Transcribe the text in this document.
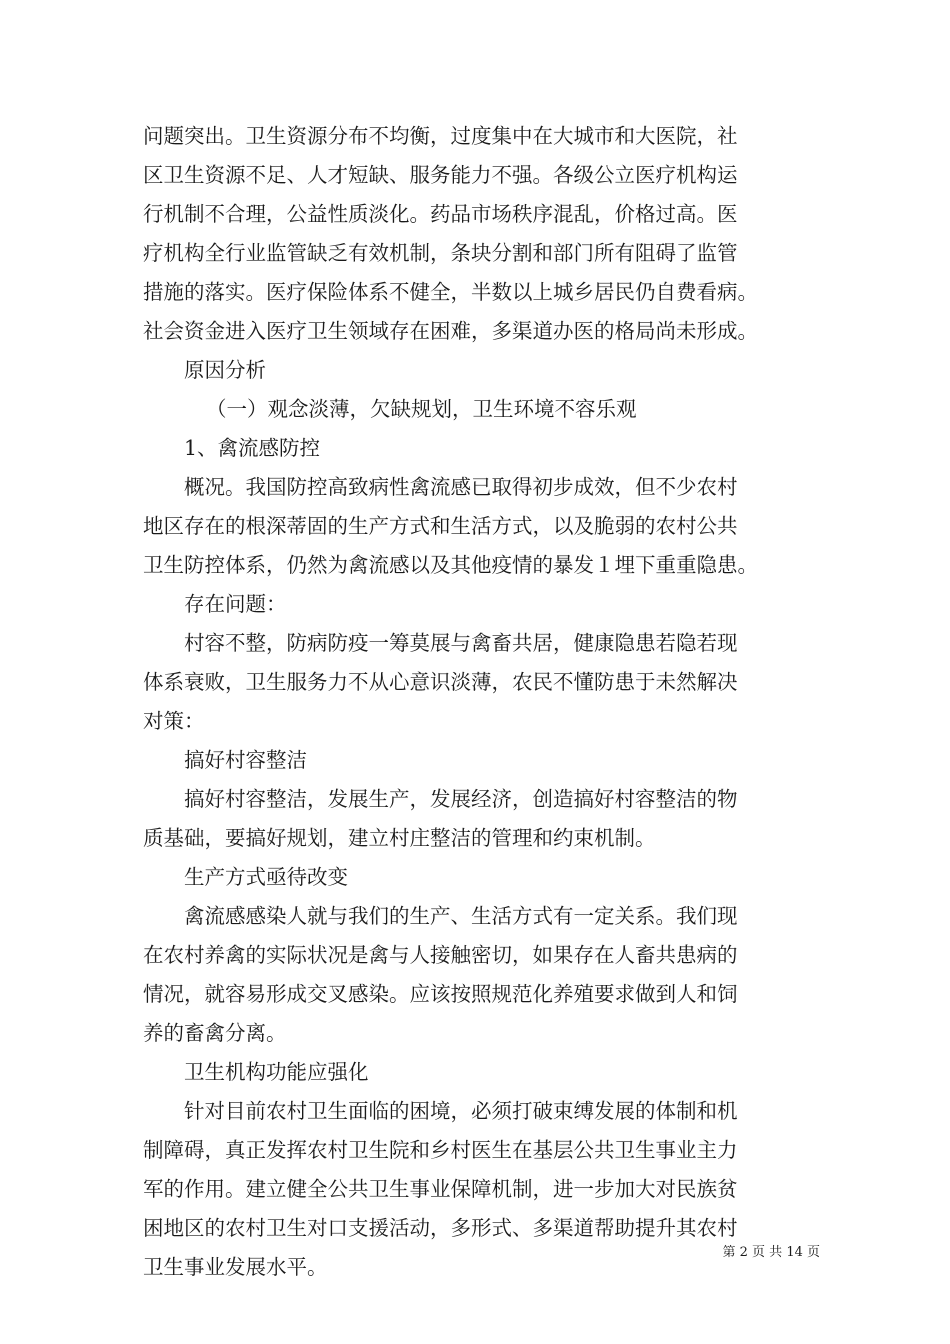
问题突出。卫生资源分布不均衡，过度集中在大城市和大医院，社
区卫生资源不足、人才短缺、服务能力不强。各级公立医疗机构运
行机制不合理，公益性质淡化。药品市场秩序混乱，价格过高。医
疗机构全行业监管缺乏有效机制，条块分割和部门所有阻碍了监管
措施的落实。医疗保险体系不健全，半数以上城乡居民仍自费看病。
社会资金进入医疗卫生领域存在困难，多渠道办医的格局尚未形成。
原因分析
（一）观念淡薄，欠缺规划，卫生环境不容乐观
1、禽流感防控
概况。我国防控高致病性禽流感已取得初步成效，但不少农村
地区存在的根深蒂固的生产方式和生活方式，以及脆弱的农村公共
卫生防控体系，仍然为禽流感以及其他疫情的暴发１埋下重重隐患。
存在问题：
村容不整，防病防疫一筹莫展与禽畜共居，健康隐患若隐若现
体系衰败，卫生服务力不从心意识淡薄，农民不懂防患于未然解决
对策：
搞好村容整洁
搞好村容整洁，发展生产，发展经济，创造搞好村容整洁的物
质基础，要搞好规划，建立村庄整洁的管理和约束机制。
生产方式亟待改变
禽流感感染人就与我们的生产、生活方式有一定关系。我们现
在农村养禽的实际状况是禽与人接触密切，如果存在人畜共患病的
情况，就容易形成交叉感染。应该按照规范化养殖要求做到人和饲
养的畜禽分离。
卫生机构功能应强化
针对目前农村卫生面临的困境，必须打破束缚发展的体制和机
制障碍，真正发挥农村卫生院和乡村医生在基层公共卫生事业主力
军的作用。建立健全公共卫生事业保障机制，进一步加大对民族贫
困地区的农村卫生对口支援活动，多形式、多渠道帮助提升其农村
卫生事业发展水平。
第 2 页 共 14 页
